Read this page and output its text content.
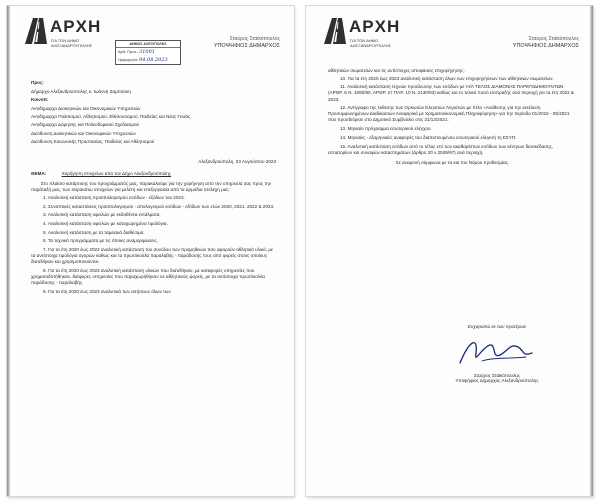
ΑΡΧΗ
ΓΙΑ ΤΟΝ ΔΗΜΟ
ΑΛΕΞΑΝΔΡΟΥΠΟΛΗΣ	ΔΗΜΟΣ ΑΛΕΞ/ΠΟΛΗΣ
Αριθ. Πρωτ.: 31001
Ημερομηνία: 04.08.2023
Σταύρος Σταϊκόπουλος
ΥΠΟΨΗΦΙΟΣ ΔΗΜΑΡΧΟΣ

Προς:

Δήμαρχο Αλεξανδρούπολης κ. Ιωάννη Ζαμπούκη

Κοινοπ:

Αντιδήμαρχο Διοικητικών και Οικονομικών Υπηρεσιών

Αντιδήμαρχο Πολιτισμού, Αθλητισμού, Εθελοντισμού, Παιδείας και Νέας Γενιάς

Αντιδήμαρχο Δόμησης και Πολεοδομικού Σχεδιασμού

Διεύθυνση Διοικητικών και Οικονομικών Υπηρεσιών

Διεύθυνση Κοινωνικής Προστασίας, Παιδείας και Αθλητισμού

Αλεξανδρούπολη, 03 Αυγούστου 2023

ΘΕΜΑ:	Χορήγηση στοιχείων από τον Δήμο Αλεξανδρούπολης

Στο πλαίσιο κατάρτισης του προγράμματός μας, παρακαλούμε για την χορήγηση από την υπηρεσία σας προς την παράταξή μας, των παρακάτω στοιχείων για μελέτη και επεξεργασία από τα αρμόδια στελέχη μας:

1. Αναλυτική κατάσταση προϋπολογισμού εσόδων - εξόδων του 2023.

2. Συνοπτικές καταστάσεις προϋπολογισμού - απολογισμού εσόδων - εξόδων των ετών 2020, 2021, 2022 & 2023.

3. Αναλυτική κατάσταση οφειλών με εκδοθέντα εντάλματα.

4. Αναλυτική κατάσταση οφειλών με καταχωρημένα τιμολόγια.

5. Αναλυτική κατάσταση με τα ταμειακά διαθέσιμα.

6. Τα τεχνικά προγράμματα με τις όποιες αναμορφώσεις.

7. Για τα έτη 2020 έως 2023 αναλυτική κατάσταση του συνόλου των προμηθειών που αφορούν αθλητικό υλικό, με τα αντίστοιχα τιμολόγια αγορών καθώς και τα πρωτόκολλα παραλαβής - παράδοσής τους από φορείς στους οποίους διατέθηκαν και χρησιμοποιούνται.

8. Για τα έτη 2020 έως 2023 αναλυτική κατάσταση υλικών που διατέθηκαν, με καταφορές υπηρεσίες που χρηματοδοτήθηκαν, διάφορες υπηρεσίες που παραχωρήθηκαν σε αθλητικούς φορείς, με τα αντίστοιχα πρωτόκολλα παράδοσης - παραλαβής.

9. Για τα έτη 2020 έως 2023 αναλυτικά των αιτήσεων όλων των

ΑΡΧΗ
ΓΙΑ ΤΟΝ ΔΗΜΟ
ΑΛΕΞΑΝΔΡΟΥΠΟΛΗΣ
Σταύρος Σταϊκόπουλος
ΥΠΟΨΗΦΙΟΣ ΔΗΜΑΡΧΟΣ

αθλητικών σωματείων και τις αντίστοιχες αποφάσεις επιχορήγησης.

10. Για τα έτη 2020 έως 2023 αναλυτική κατάσταση όλων των επιχορηγήσεων των αθλητικών σωματείων.

11. Αναλυτική κατάσταση τεχνών προέλευσης των εσόδων με Ή/Α ΤΕΛΟΣ ΔΙΑΜΟΝΗΣ ΠΑΡΕΠΙΔΗΜΟΥΝΤΩΝ (ΑΡΘΡ. 6 Ν. 1080/80, ΑΡΘΡ. 27 ΠΑΡ. 10 Ν. 2130/93) καθώς και το τελικό ποσό είσπραξής ανά περιοχή για τα έτη 2022 & 2023.

12. Αντίγραφο της έκθεσης των Ορκωτών Ελεγκτών Λογιστών με τίτλο «Ανάθεσης για την εκτέλεση Προσυμφωνημένων Διαδικασιών Αναφορικά με Χρηματοοικονομική Πληροφόρηση» για την περίοδο 01/2016 - 05/2021 που προσδιόρισε στο Δημοτικό Συμβούλιο στις 31/12/2021.

13. Μηνιαίο πρόγραμμα εσωτερικού ελέγχου.

14. Μηνιαίες - εξαμηνιαίες αναφορές του διαπιστευμένου εσωτερικού ελεγκτή τη ΕΣΥΠ.

15. Αναλυτική κατάσταση εσόδων από το τέλος επί των ακαθαρίστων εσόδων των κέντρων διασκέδασης, εστιατορίων και συναφών καταστημάτων (άρθρο 20 ν.2539/97) ανά περιοχή.

Σε αναμονή σύμφωνα με τα και του Νόμου προθεσμίας.

Ευχαριστώ εκ των προτέρων
Σταύρος Σταϊκόπουλος
Υποψήφιος Δήμαρχος Αλεξανδρούπολης
